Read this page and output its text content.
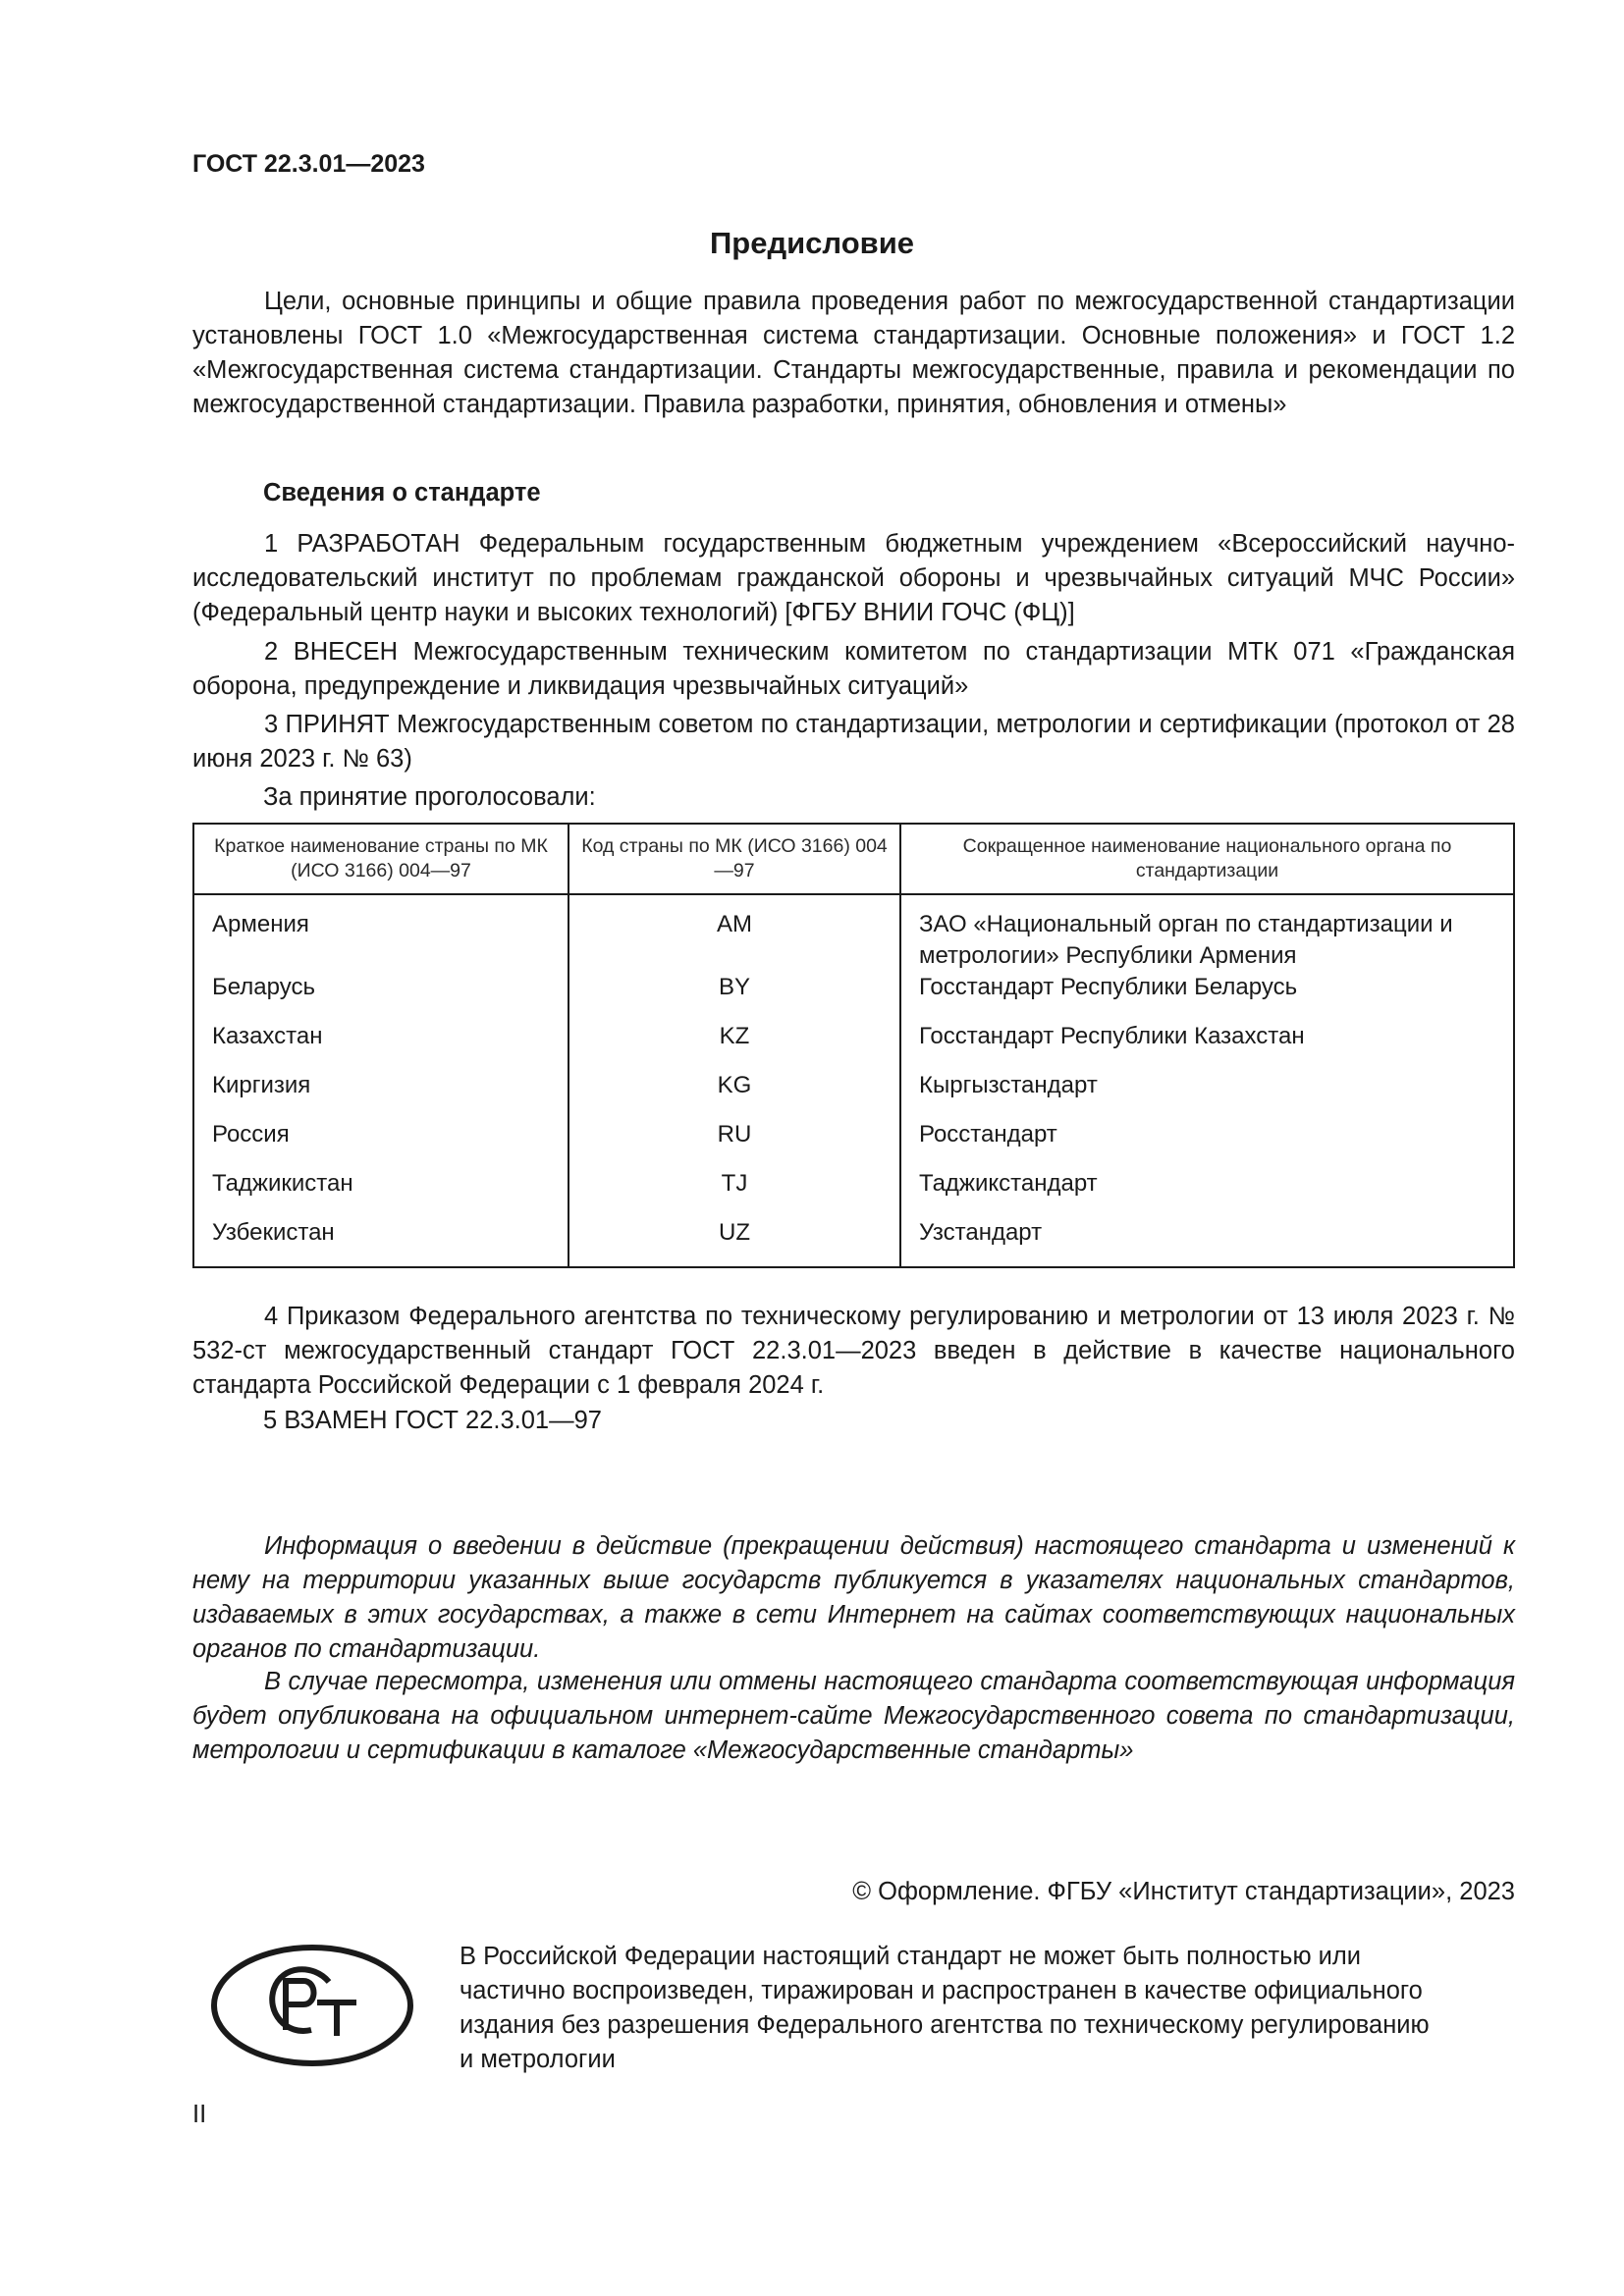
ГОСТ 22.3.01—2023
Предисловие
Цели, основные принципы и общие правила проведения работ по межгосударственной стандартизации установлены ГОСТ 1.0 «Межгосударственная система стандартизации. Основные положения» и ГОСТ 1.2 «Межгосударственная система стандартизации. Стандарты межгосударственные, правила и рекомендации по межгосударственной стандартизации. Правила разработки, принятия, обновления и отмены»
Сведения о стандарте
1 РАЗРАБОТАН Федеральным государственным бюджетным учреждением «Всероссийский научно-исследовательский институт по проблемам гражданской обороны и чрезвычайных ситуаций МЧС России» (Федеральный центр науки и высоких технологий) [ФГБУ ВНИИ ГОЧС (ФЦ)]
2 ВНЕСЕН Межгосударственным техническим комитетом по стандартизации МТК 071 «Гражданская оборона, предупреждение и ликвидация чрезвычайных ситуаций»
3 ПРИНЯТ Межгосударственным советом по стандартизации, метрологии и сертификации (протокол от 28 июня 2023 г. № 63)
За принятие проголосовали:
Краткое наименование страны по МК (ИСО 3166) 004—97	Код страны по МК (ИСО 3166) 004—97	Сокращенное наименование национального органа по стандартизации
Армения	AM	ЗАО «Национальный орган по стандартизации и метрологии» Республики Армения
Беларусь	BY	Госстандарт Республики Беларусь
Казахстан	KZ	Госстандарт Республики Казахстан
Киргизия	KG	Кыргызстандарт
Россия	RU	Росстандарт
Таджикистан	TJ	Таджикстандарт
Узбекистан	UZ	Узстандарт
4 Приказом Федерального агентства по техническому регулированию и метрологии от 13 июля 2023 г. № 532-ст межгосударственный стандарт ГОСТ 22.3.01—2023 введен в действие в качестве национального стандарта Российской Федерации с 1 февраля 2024 г.
5 ВЗАМЕН ГОСТ 22.3.01—97
Информация о введении в действие (прекращении действия) настоящего стандарта и изменений к нему на территории указанных выше государств публикуется в указателях национальных стандартов, издаваемых в этих государствах, а также в сети Интернет на сайтах соответствующих национальных органов по стандартизации.
В случае пересмотра, изменения или отмены настоящего стандарта соответствующая информация будет опубликована на официальном интернет-сайте Межгосударственного совета по стандартизации, метрологии и сертификации в каталоге «Межгосударственные стандарты»
© Оформление. ФГБУ «Институт стандартизации», 2023
В Российской Федерации настоящий стандарт не может быть полностью или
частично воспроизведен, тиражирован и распространен в качестве официального
издания без разрешения Федерального агентства по техническому регулированию
и метрологии
II
